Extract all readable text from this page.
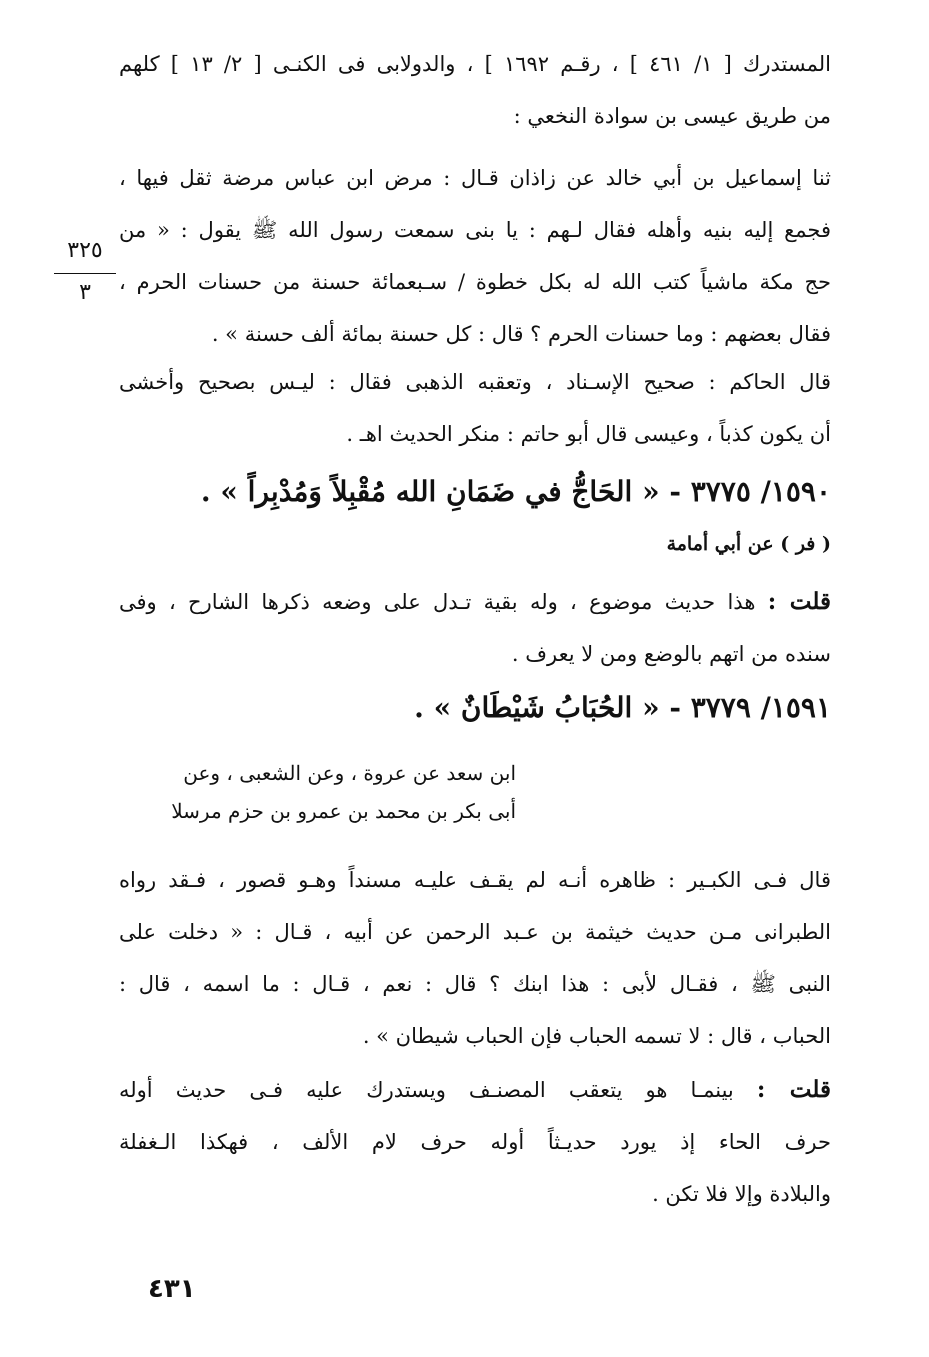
المستدرك [ ١/ ٤٦١ ] ، رقـم ١٦٩٢ ] ، والدولابى فى الكنـى [ ٢/ ١٣ ] كلهم
من طريق عيسى بن سوادة النخعي :
ثنا إسماعيل بن أبي خالد عن زاذان قـال : مرض ابن عباس مرضة ثقل فيها ،
فجمع إليه بنيه وأهله فقال لـهم : يا بنى سمعت رسول الله ﷺ يقول : « من
حج مكة ماشياً كتب الله له بكل خطوة / سـبعمائة حسنة من حسنات الحرم ،
فقال بعضهم : وما حسنات الحرم ؟ قال : كل حسنة بمائة ألف حسنة » .
٣٢٥
٣
قال الحاكم : صحيح الإسـناد ، وتعقبه الذهبى فقال : ليـس بصحيح وأخشى
أن يكون كذباً ، وعيسى قال أبو حاتم : منكر الحديث اهـ .
١٥٩٠/ ٣٧٧٥ - « الحَاجُّ في ضَمَانِ الله مُقْبِلاً وَمُدْبِراً » .
( فر ) عن أبي أمامة
قلت : هذا حديث موضوع ، وله بقية تـدل على وضعه ذكرها الشارح ، وفى
سنده من اتهم بالوضع ومن لا يعرف .
١٥٩١/ ٣٧٧٩ - « الحُبَابُ شَيْطَانٌ » .
ابن سعد عن عروة ، وعن الشعبى ، وعن
أبى بكر بن محمد بن عمرو بن حزم مرسلا
قال فـى الكبـير : ظاهره أنـه لم يقـف عليـه مسنداً وهـو قصور ، فـقد رواه
الطبرانى مـن حديث خيثمة بن عـبد الرحمن عن أبيه ، قـال : « دخلت على
النبى ﷺ ، فقـال لأبى : هذا ابنك ؟ قال : نعم ، قـال : ما اسمه ، قال :
الحباب ، قال : لا تسمه الحباب فإن الحباب شيطان » .
قلت : بينمـا هو يتعقب المصنـف ويستدرك عليه فـى حديث أوله
حرف الحاء إذ يورد حديـثاً أوله حرف لام الألف ، فهكذا الـغفلة
والبلادة وإلا فلا تكن .
٤٣١
